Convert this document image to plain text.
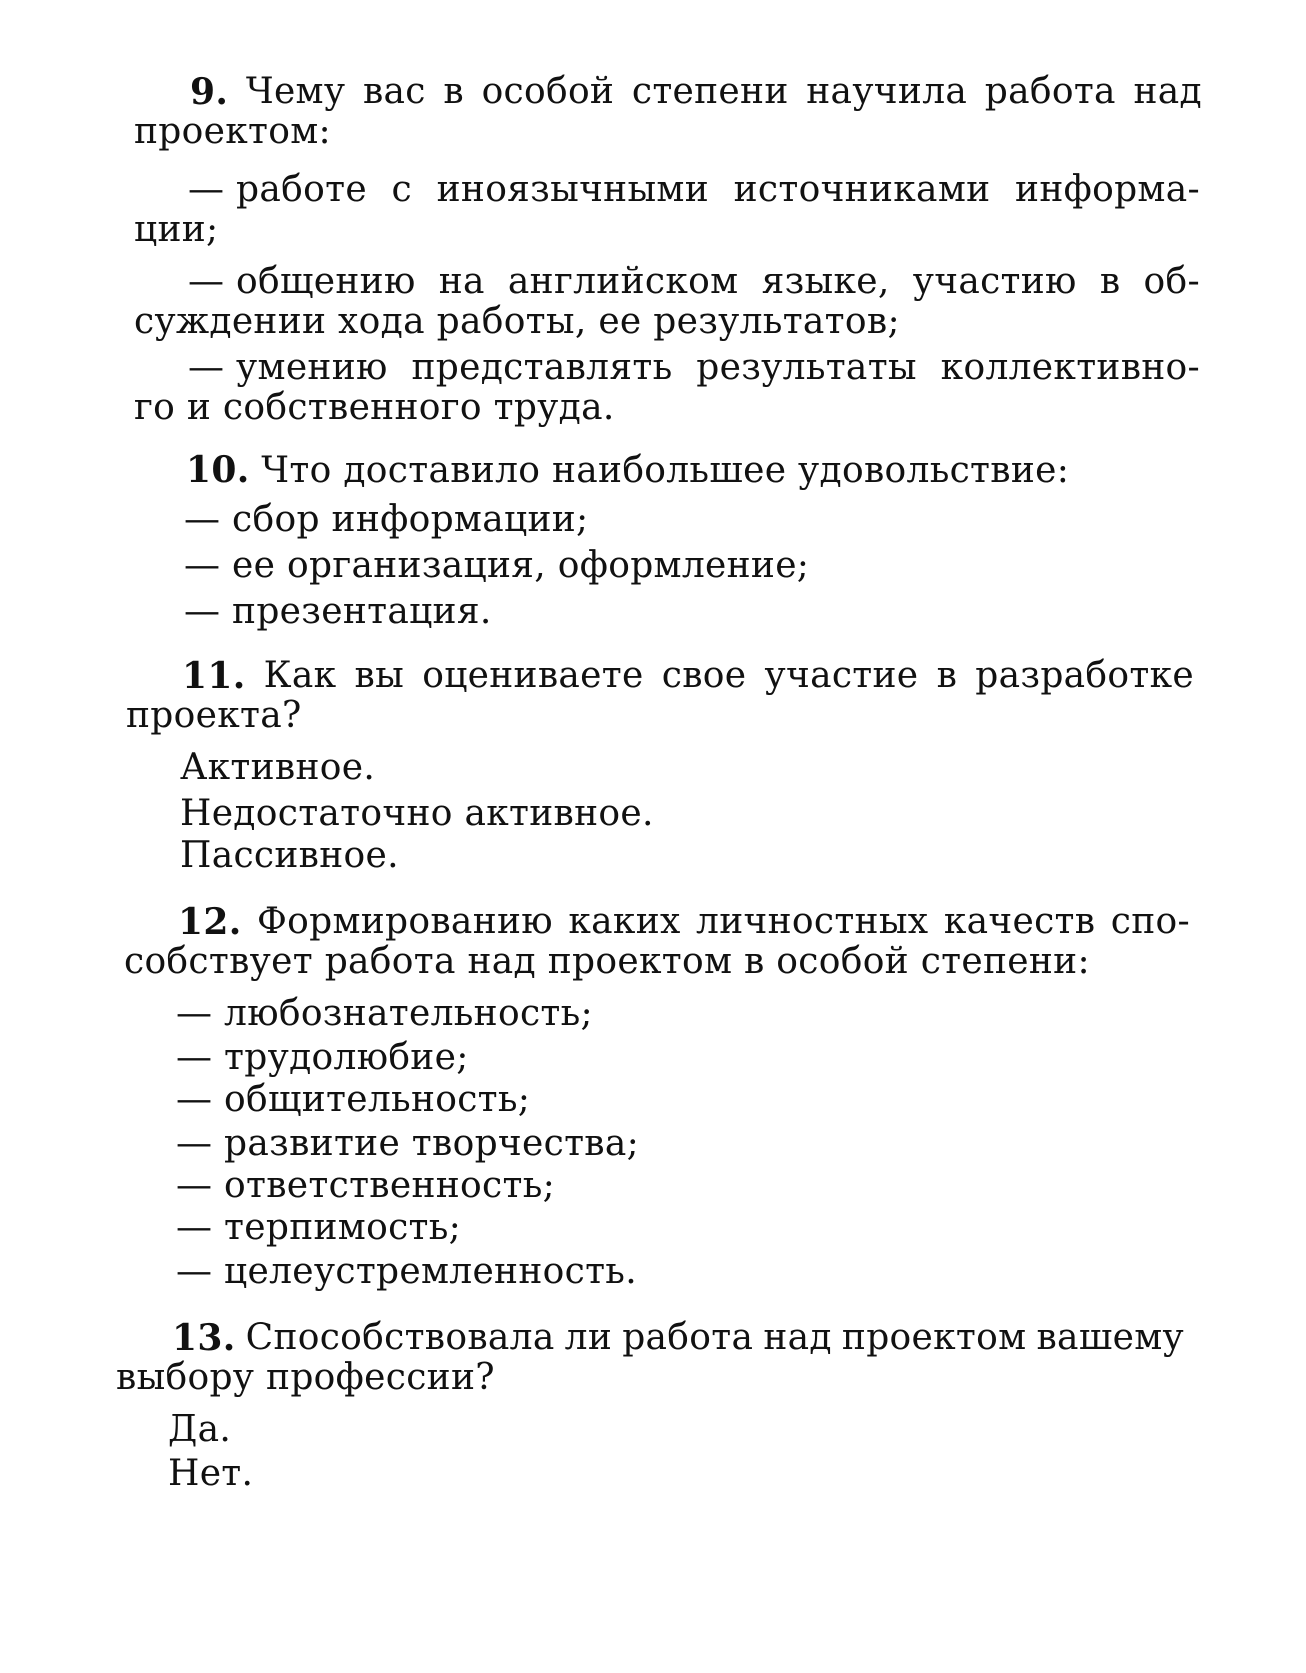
9. Чему вас в особой степени научила работа над
проектом:
— работе с иноязычными источниками информа-
ции;
— общению на английском языке, участию в об-
суждении хода работы, ее результатов;
— умению представлять результаты коллективно-
го и собственного труда.
10. Что доставило наибольшее удовольствие:
— сбор информации;
— ее организация, оформление;
— презентация.
11. Как вы оцениваете свое участие в разработке
проекта?
Активное.
Недостаточно активное.
Пассивное.
12. Формированию каких личностных качеств спо-
собствует работа над проектом в особой степени:
— любознательность;
— трудолюбие;
— общительность;
— развитие творчества;
— ответственность;
— терпимость;
— целеустремленность.
13. Способствовала ли работа над проектом вашему
выбору профессии?
Да.
Нет.
